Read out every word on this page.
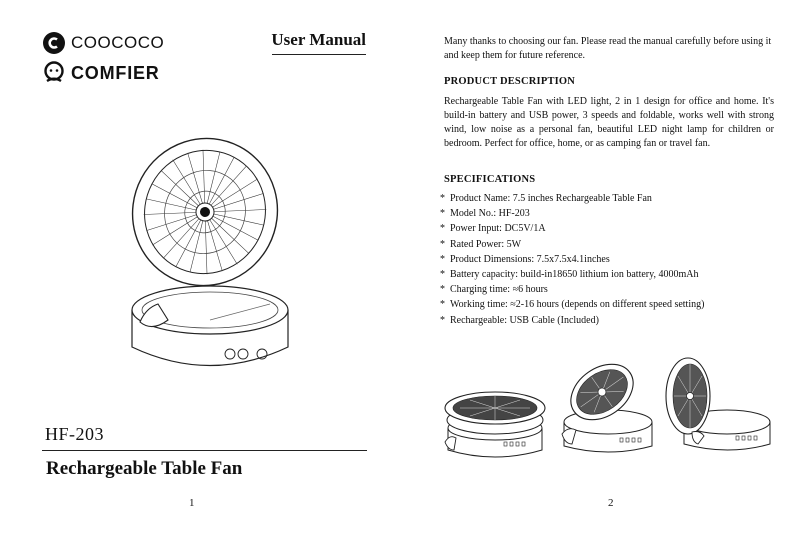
COOCOCO
COMFIER
User Manual
HF-203
Rechargeable Table Fan
1
Many thanks to choosing our fan. Please read the manual carefully before using it and keep them for future reference.
PRODUCT DESCRIPTION
Rechargeable Table Fan with LED light, 2 in 1 design for office and home. It's build-in battery and USB power, 3 speeds and foldable, works well with strong wind, low noise as a personal fan, beautiful LED night lamp for children or bedroom. Perfect for office, home, or as camping fan or travel fan.
SPECIFICATIONS
* Product Name: 7.5 inches Rechargeable Table Fan
* Model No.: HF-203
* Power Input: DC5V/1A
* Rated Power: 5W
* Product Dimensions: 7.5x7.5x4.1inches
* Battery capacity: build-in18650 lithium ion battery, 4000mAh
* Charging time: ≈6 hours
* Working time: ≈2-16 hours (depends on different speed setting)
* Rechargeable: USB Cable (Included)
2
